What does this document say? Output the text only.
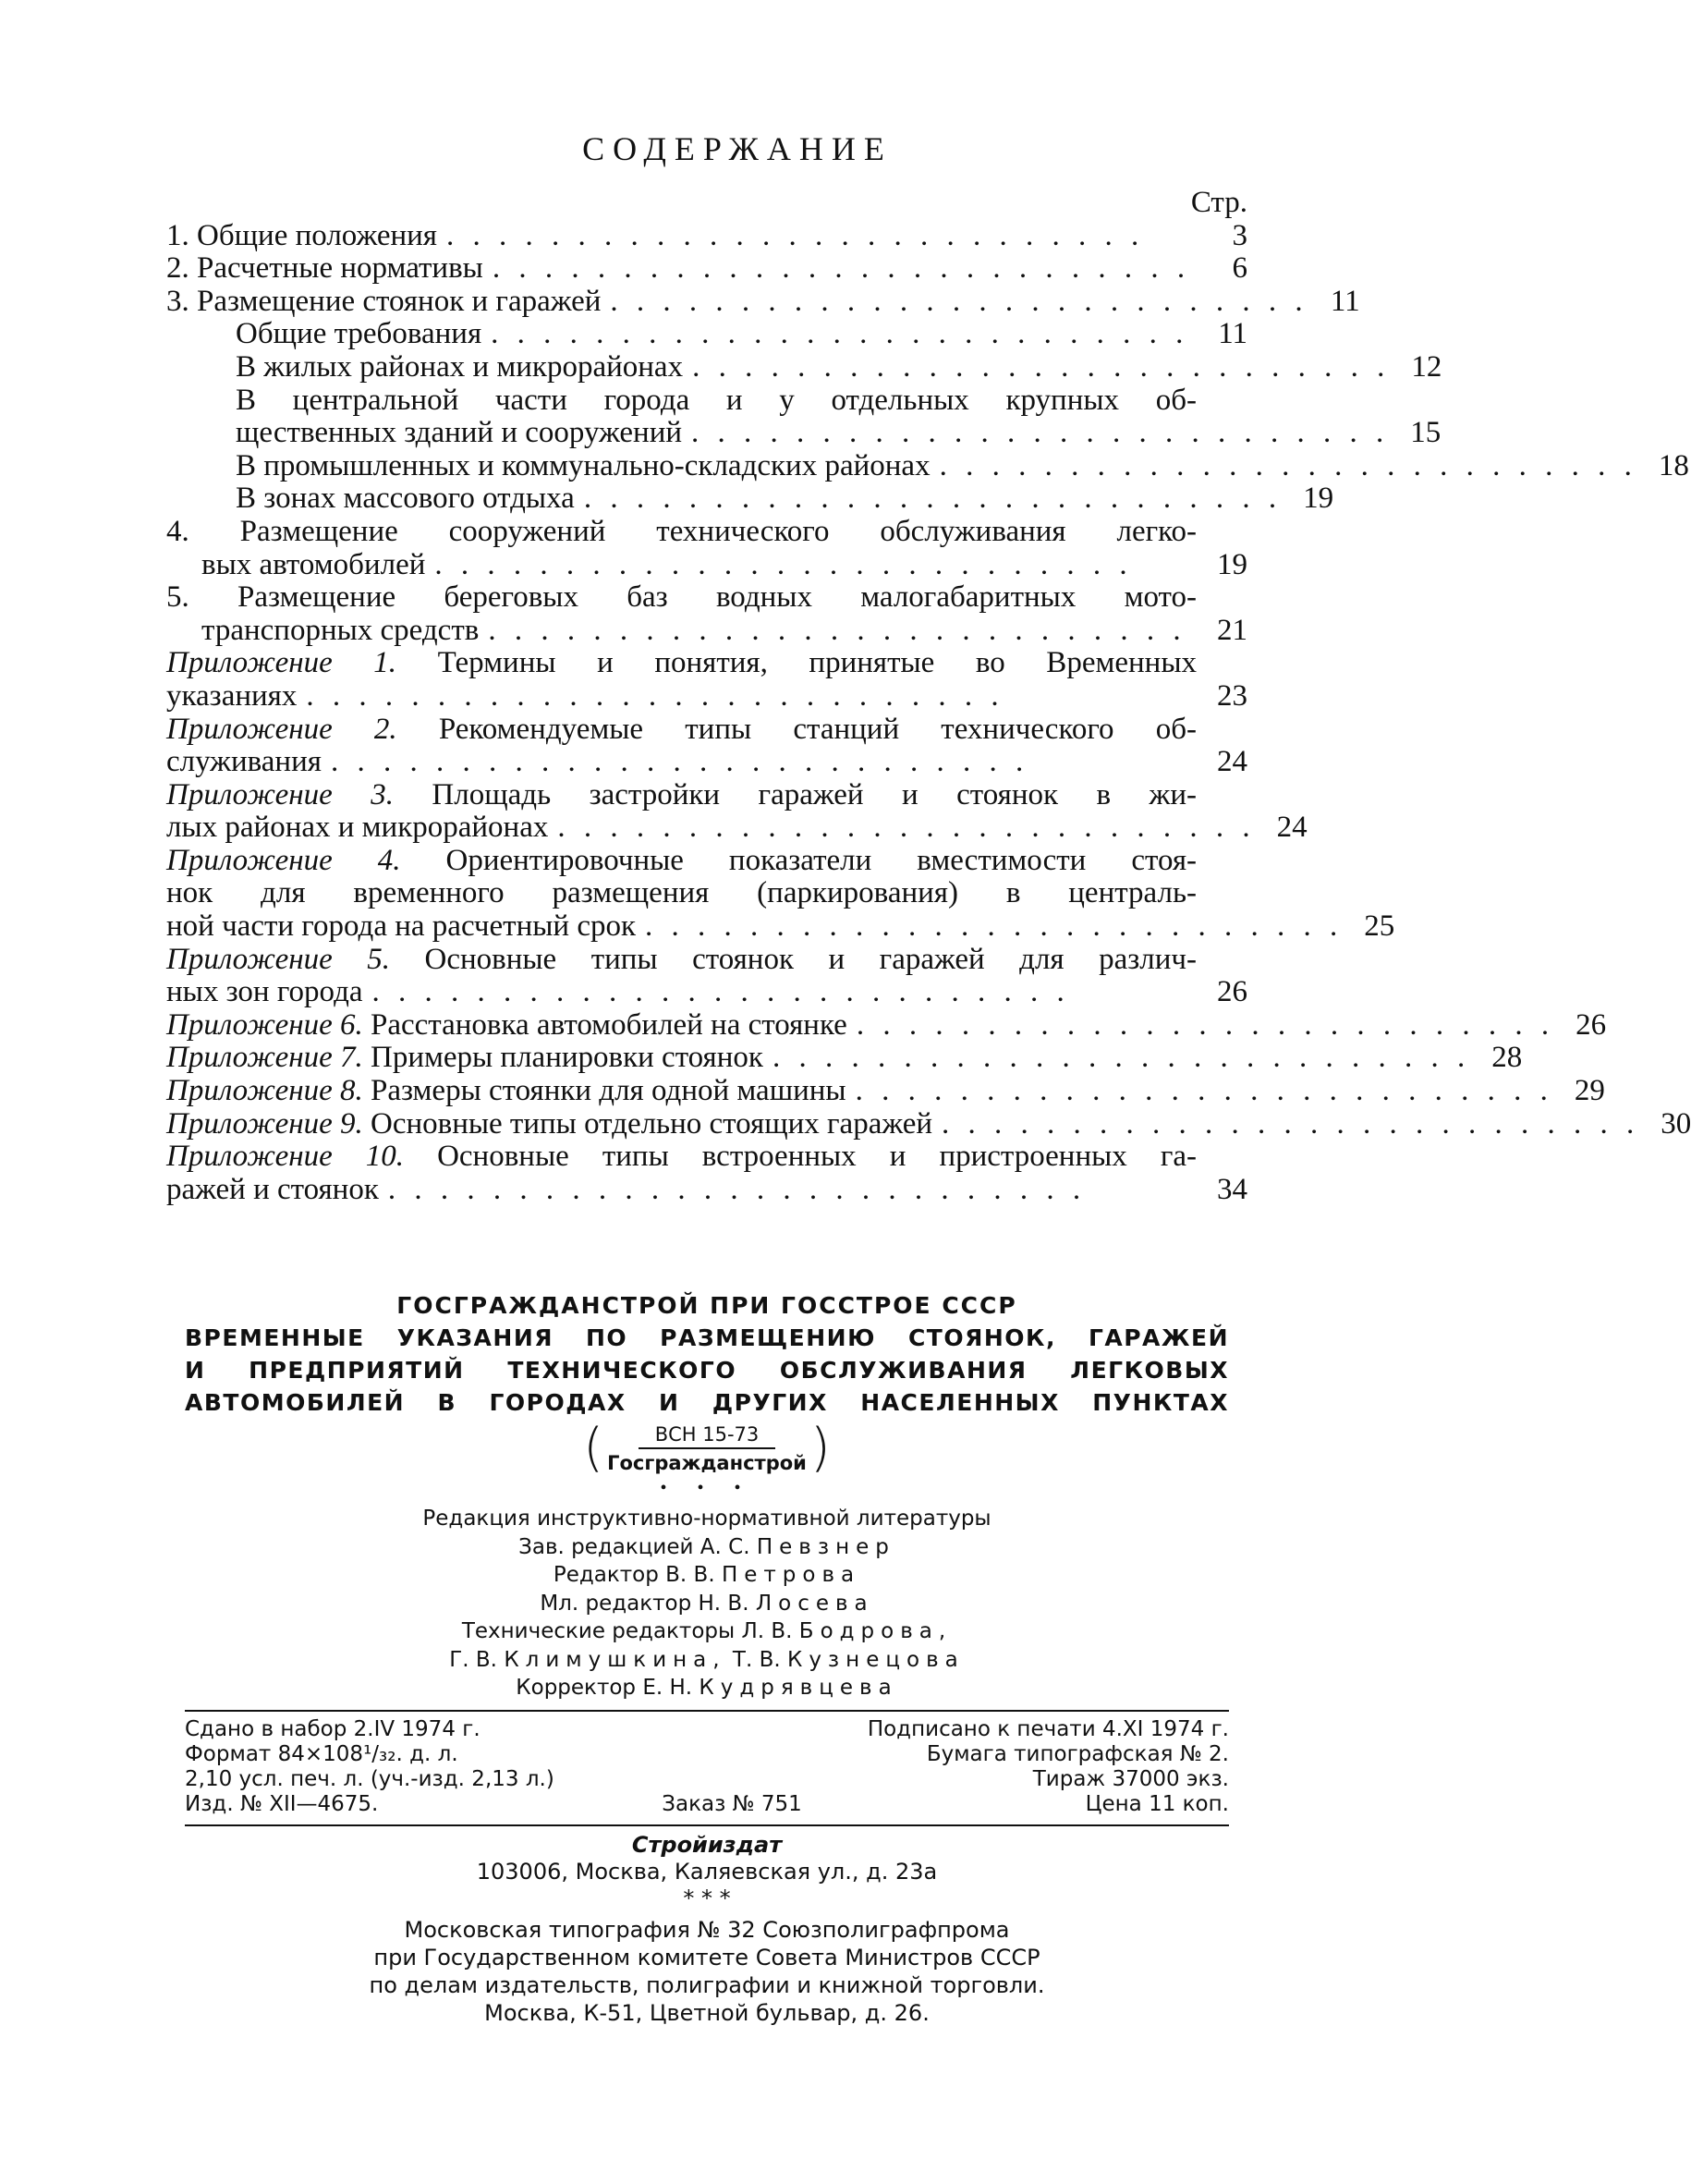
СОДЕРЖАНИЕ
Стр.
1. Общие положения . . . . . . . . . . . . . . . . . . . . . . . . . . .	3
2. Расчетные нормативы . . . . . . . . . . . . . . . . . . . . . . . . . . .	6
3. Размещение стоянок и гаражей . . . . . . . . . . . . . . . . . . . . . . . . . . . 11
Общие требования . . . . . . . . . . . . . . . . . . . . . . . . . . . 11
В жилых районах и микрорайонах . . . . . . . . . . . . . . . . . . . . . . . . . . . 12
В центральной части города и у отдельных крупных об-
щественных зданий и сооружений . . . . . . . . . . . . . . . . . . . . . . . . . . . 15
В промышленных и коммунально-складских районах . . . . . . . . . . . . . . . . . . . . . . . . . . . 18
В зонах массового отдыха . . . . . . . . . . . . . . . . . . . . . . . . . . . 19
4. Размещение сооружений технического обслуживания легко-
вых автомобилей . . . . . . . . . . . . . . . . . . . . . . . . . . .	19
5. Размещение береговых баз водных малогабаритных мото-
транспорных средств . . . . . . . . . . . . . . . . . . . . . . . . . . .	21
Приложение 1. Термины и понятия, принятые во Временных
указаниях . . . . . . . . . . . . . . . . . . . . . . . . . . .	23
Приложение 2. Рекомендуемые типы станций технического об-
служивания . . . . . . . . . . . . . . . . . . . . . . . . . . .	24
Приложение 3. Площадь застройки гаражей и стоянок в жи-
лых районах и микрорайонах . . . . . . . . . . . . . . . . . . . . . . . . . . . 24
Приложение 4. Ориентировочные показатели вместимости стоя-
нок для временного размещения (паркирования) в централь-
ной части города на расчетный срок . . . . . . . . . . . . . . . . . . . . . . . . . . . 25
Приложение 5. Основные типы стоянок и гаражей для различ-
ных зон города . . . . . . . . . . . . . . . . . . . . . . . . . . .	26
Приложение 6. Расстановка автомобилей на стоянке . . . . . . . . . . . . . . . . . . . . . . . . . . . 26
Приложение 7. Примеры планировки стоянок . . . . . . . . . . . . . . . . . . . . . . . . . . . 28
Приложение 8. Размеры стоянки для одной машины . . . . . . . . . . . . . . . . . . . . . . . . . . . 29
Приложение 9. Основные типы отдельно стоящих гаражей . . . . . . . . . . . . . . . . . . . . . . . . . . . 30
Приложение 10. Основные типы встроенных и пристроенных га-
ражей и стоянок . . . . . . . . . . . . . . . . . . . . . . . . . . .	34
ГОСГРАЖДАНСТРОЙ ПРИ ГОССТРОЕ СССР
ВРЕМЕННЫЕ УКАЗАНИЯ ПО РАЗМЕЩЕНИЮ СТОЯНОК, ГАРАЖЕЙ
И ПРЕДПРИЯТИЙ ТЕХНИЧЕСКОГО ОБСЛУЖИВАНИЯ ЛЕГКОВЫХ
АВТОМОБИЛЕЙ В ГОРОДАХ И ДРУГИХ НАСЕЛЕННЫХ ПУНКТАХ
( $\frac{\text{ВСН 15-73}}{\text{Госгражданстрой}}$ )
• • •
Редакция инструктивно-нормативной литературы
Зав. редакцией А. С. Певзнер
Редактор В. В. Петрова
Мл. редактор Н. В. Лосева
Технические редакторы Л. В. Бодрова,
Г. В. Климушкина, Т. В. Кузнецова
Корректор Е. Н. Кудрявцева
Сдано в набор 2.IV 1974 г.	Подписано к печати 4.XI 1974 г.
Формат 84×108¹/₃₂. д. л.	Бумага типографская № 2.
2,10 усл. печ. л. (уч.-изд. 2,13 л.)	Тираж 37000 экз.
Изд. № XII—4675.	Заказ № 751	Цена 11 коп.
Стройиздат
103006, Москва, Каляевская ул., д. 23а
* * *
Московская типография № 32 Союзполиграфпрома
при Государственном комитете Совета Министров СССР
по делам издательств, полиграфии и книжной торговли.
Москва, К-51, Цветной бульвар, д. 26.
